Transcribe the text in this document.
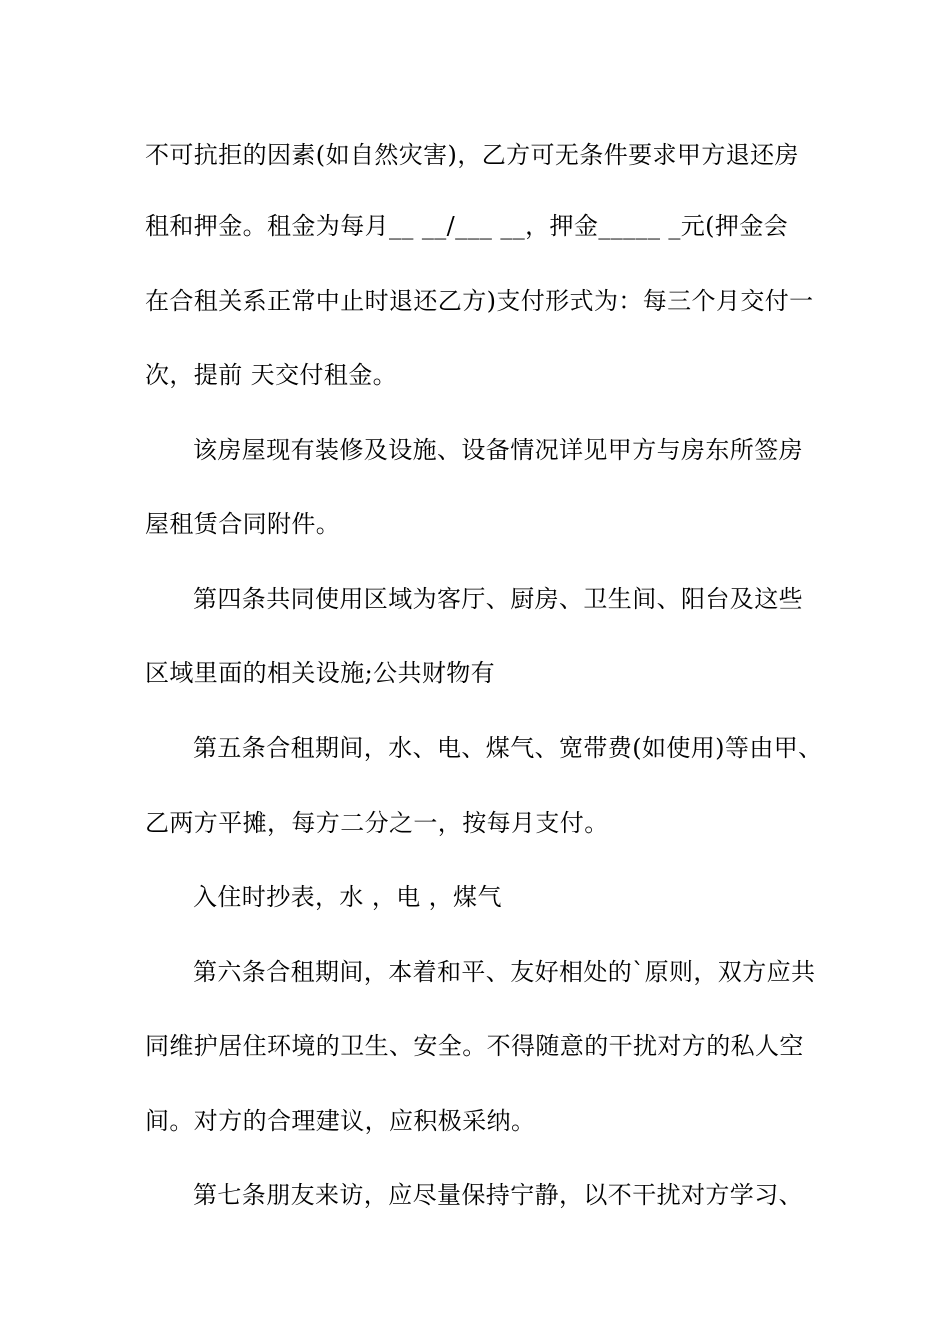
不可抗拒的因素(如自然灾害)，乙方可无条件要求甲方退还房
租和押金。租金为每月__ __/___ __，押金_____ _元(押金会
在合租关系正常中止时退还乙方)支付形式为：每三个月交付一
次，提前 天交付租金。
该房屋现有装修及设施、设备情况详见甲方与房东所签房
屋租赁合同附件。
第四条共同使用区域为客厅、厨房、卫生间、阳台及这些
区域里面的相关设施;公共财物有
第五条合租期间，水、电、煤气、宽带费(如使用)等由甲、
乙两方平摊，每方二分之一，按每月支付。
入住时抄表，水 ，电 ，煤气
第六条合租期间，本着和平、友好相处的`原则，双方应共
同维护居住环境的卫生、安全。不得随意的干扰对方的私人空
间。对方的合理建议，应积极采纳。
第七条朋友来访，应尽量保持宁静，以不干扰对方学习、
